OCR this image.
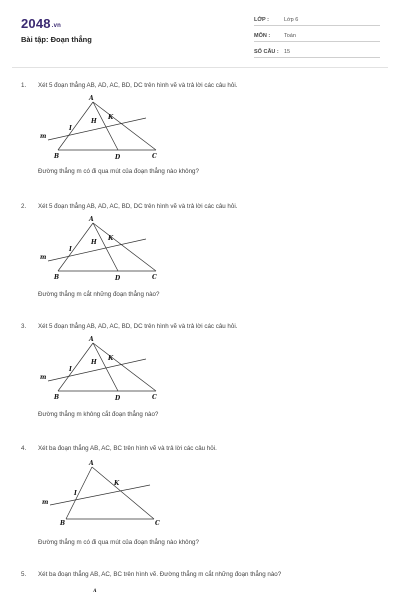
2048.vn
Bài tập: Đoạn thẳng
LỚP :	Lớp 6
MÔN :	Toán
SỐ CÂU : 15
1. Xét 5 đoạn thẳng AB, AD, AC, BD, DC trên hình vẽ và trả lời các câu hỏi.
A
B	D	C
H
I
K
m
Đường thẳng m có đi qua mút của đoạn thẳng nào không?
2. Xét 5 đoạn thẳng AB, AD, AC, BD, DC trên hình vẽ và trả lời các câu hỏi.
A
B	D	C
H
I
K
m
Đường thẳng m cắt những đoạn thẳng nào?
3. Xét 5 đoạn thẳng AB, AD, AC, BD, DC trên hình vẽ và trả lời các câu hỏi.
A
B	D	C
H
I
K
m
Đường thẳng m không cắt đoạn thẳng nào?
4. Xét ba đoạn thẳng AB, AC, BC trên hình vẽ và trả lời các câu hỏi.
A
B	C
I
K
m
Đường thẳng m có đi qua mút của đoạn thẳng nào không?
5. Xét ba đoạn thẳng AB, AC, BC trên hình vẽ. Đường thẳng m cắt những đoạn thẳng nào?
A
